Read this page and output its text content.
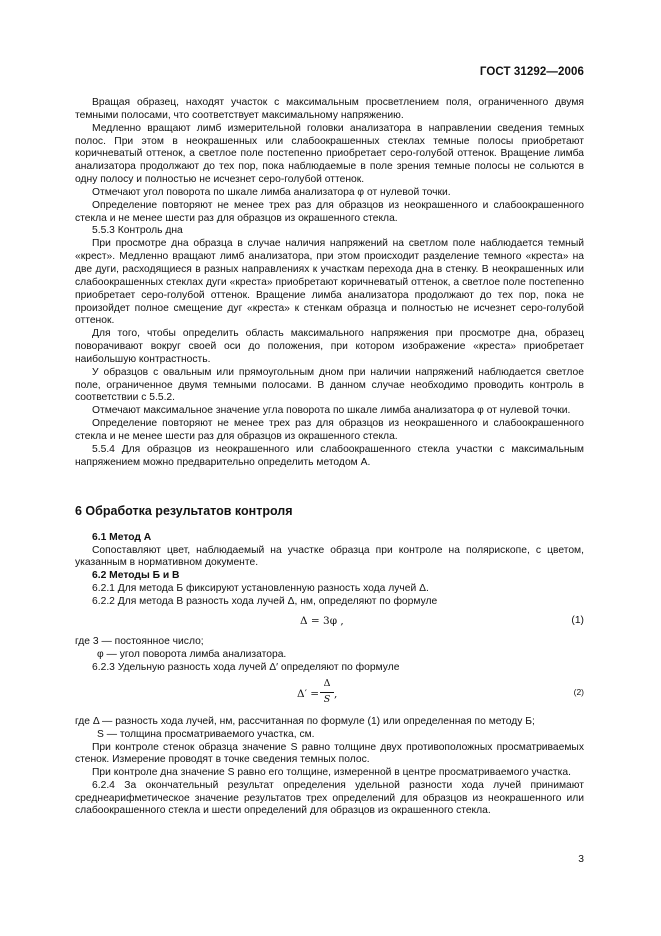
ГОСТ 31292—2006

Вращая образец, находят участок с максимальным просветлением поля, ограниченного двумя темными полосами, что соответствует максимальному напряжению.

Медленно вращают лимб измерительной головки анализатора в направлении сведения темных полос. При этом в неокрашенных или слабоокрашенных стеклах темные полосы приобретают коричневатый оттенок, а светлое поле постепенно приобретает серо-голубой оттенок. Вращение лимба анализатора продолжают до тех пор, пока наблюдаемые в поле зрения темные полосы не сольются в одну полосу и полностью не исчезнет серо-голубой оттенок.

Отмечают угол поворота по шкале лимба анализатора φ от нулевой точки.

Определение повторяют не менее трех раз для образцов из неокрашенного и слабоокрашенного стекла и не менее шести раз для образцов из окрашенного стекла.

5.5.3 Контроль дна

При просмотре дна образца в случае наличия напряжений на светлом поле наблюдается темный «крест». Медленно вращают лимб анализатора, при этом происходит разделение темного «креста» на две дуги, расходящиеся в разных направлениях к участкам перехода дна в стенку. В неокрашенных или слабоокрашенных стеклах дуги «креста» приобретают коричневатый оттенок, а светлое поле постепенно приобретает серо-голубой оттенок. Вращение лимба анализатора продолжают до тех пор, пока не произойдет полное смещение дуг «креста» к стенкам образца и полностью не исчезнет серо-голубой оттенок.

Для того, чтобы определить область максимального напряжения при просмотре дна, образец поворачивают вокруг своей оси до положения, при котором изображение «креста» приобретает наибольшую контрастность.

У образцов с овальным или прямоугольным дном при наличии напряжений наблюдается светлое поле, ограниченное двумя темными полосами. В данном случае необходимо проводить контроль в соответствии с 5.5.2.

Отмечают максимальное значение угла поворота по шкале лимба анализатора φ от нулевой точки.

Определение повторяют не менее трех раз для образцов из неокрашенного и слабоокрашенного стекла и не менее шести раз для образцов из окрашенного стекла.

5.5.4 Для образцов из неокрашенного или слабоокрашенного стекла участки с максимальным напряжением можно предварительно определить методом А.

6 Обработка результатов контроля

6.1 Метод А

Сопоставляют цвет, наблюдаемый на участке образца при контроле на полярископе, с цветом, указанным в нормативном документе.

6.2 Методы Б и В

6.2.1 Для метода Б фиксируют установленную разность хода лучей Δ.

6.2.2 Для метода В разность хода лучей Δ, нм, определяют по формуле

Δ = 3φ ,	(1)

где 3 — постоянное число;

φ — угол поворота лимба анализатора.

6.2.3 Удельную разность хода лучей Δ′ определяют по формуле

$\Delta' = \frac{\Delta}{S}$ ,	(2)

где Δ — разность хода лучей, нм, рассчитанная по формуле (1) или определенная по методу Б;

S — толщина просматриваемого участка, см.

При контроле стенок образца значение S равно толщине двух противоположных просматриваемых стенок. Измерение проводят в точке сведения темных полос.

При контроле дна значение S равно его толщине, измеренной в центре просматриваемого участка.

6.2.4 За окончательный результат определения удельной разности хода лучей принимают среднеарифметическое значение результатов трех определений для образцов из неокрашенного или слабоокрашенного стекла и шести определений для образцов из окрашенного стекла.

3
